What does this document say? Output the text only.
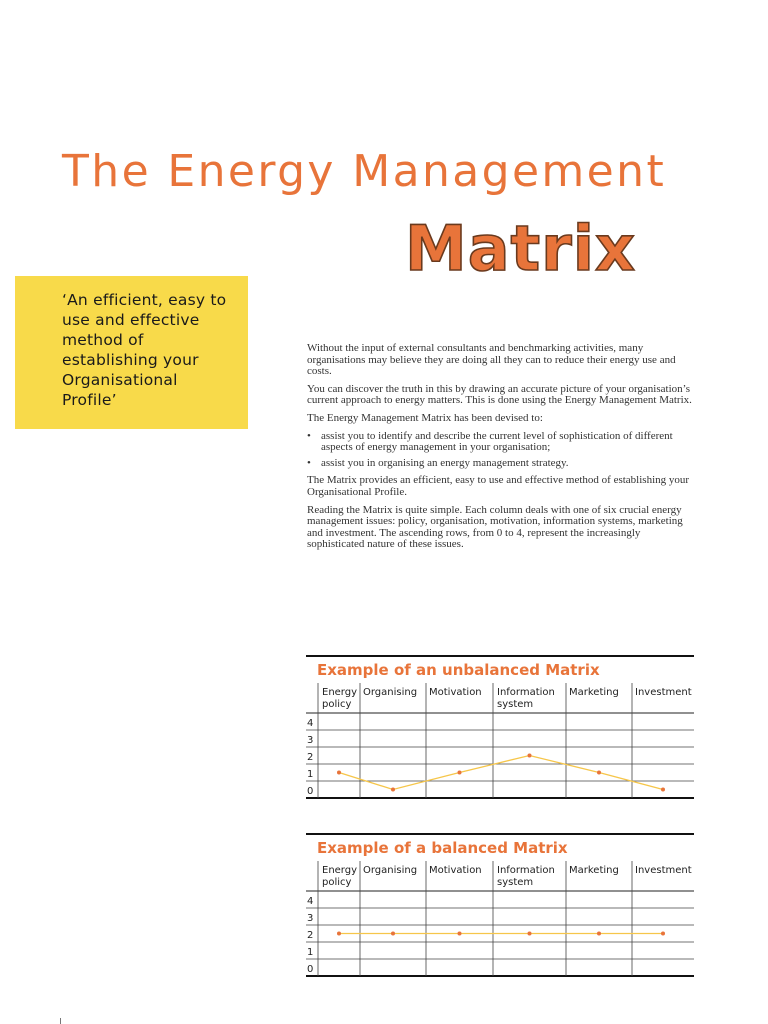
The Energy Management
Matrix
‘An efficient, easy to use and effective method of establishing your Organisational Profile’

Without the input of external consultants and benchmarking activities, many organisations may believe they are doing all they can to reduce their energy use and costs.

You can discover the truth in this by drawing an accurate picture of your organisation’s current approach to energy matters. This is done using the Energy Management Matrix.

The Energy Management Matrix has been devised to:

• assist you to identify and describe the current level of sophistication of different aspects of energy management in your organisation;
• assist you in organising an energy management strategy.

The Matrix provides an efficient, easy to use and effective method of establishing your Organisational Profile.

Reading the Matrix is quite simple. Each column deals with one of six crucial energy management issues: policy, organisation, motivation, information systems, marketing and investment. The ascending rows, from 0 to 4, represent the increasingly sophisticated nature of these issues.

Example of an unbalanced Matrix
Energy
policy
Organising Motivation Information
system
Marketing Investment
4
3
2
1
0
Example of a balanced Matrix
Energy
policy
Organising Motivation Information
system
Marketing Investment
4
3
2
1
0
